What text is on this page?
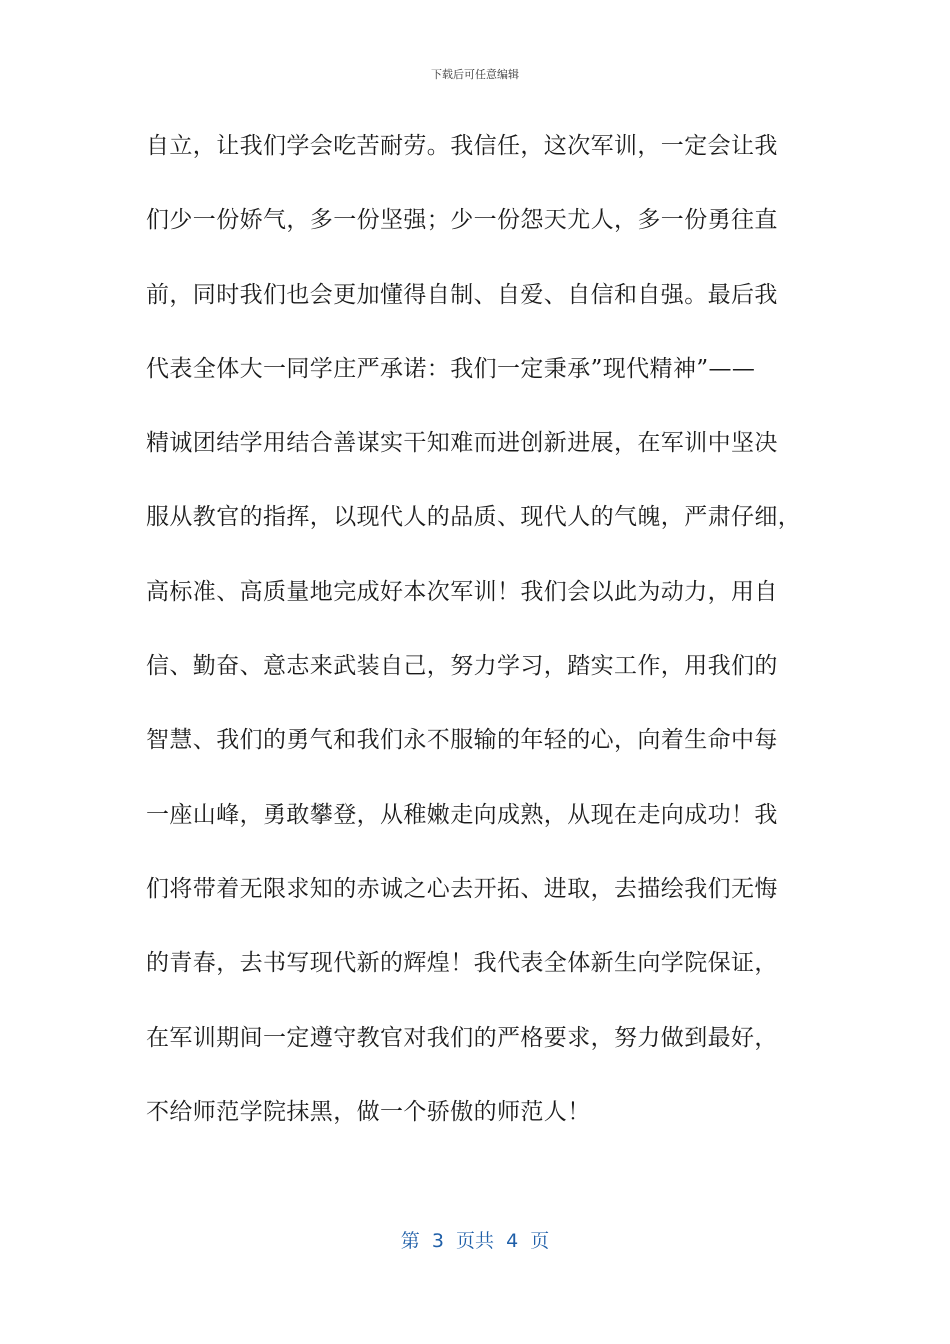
下载后可任意编辑
自立，让我们学会吃苦耐劳。我信任，这次军训，一定会让我
们少一份娇气，多一份坚强；少一份怨天尤人，多一份勇往直
前，同时我们也会更加懂得自制、自爱、自信和自强。最后我
代表全体大一同学庄严承诺：我们一定秉承”现代精神”——
精诚团结学用结合善谋实干知难而进创新进展，在军训中坚决
服从教官的指挥，以现代人的品质、现代人的气魄，严肃仔细，
高标准、高质量地完成好本次军训！我们会以此为动力，用自
信、勤奋、意志来武装自己，努力学习，踏实工作，用我们的
智慧、我们的勇气和我们永不服输的年轻的心，向着生命中每
一座山峰，勇敢攀登，从稚嫩走向成熟，从现在走向成功！我
们将带着无限求知的赤诚之心去开拓、进取，去描绘我们无悔
的青春，去书写现代新的辉煌！我代表全体新生向学院保证，
在军训期间一定遵守教官对我们的严格要求，努力做到最好，
不给师范学院抹黑，做一个骄傲的师范人！
第  3  页共  4  页
